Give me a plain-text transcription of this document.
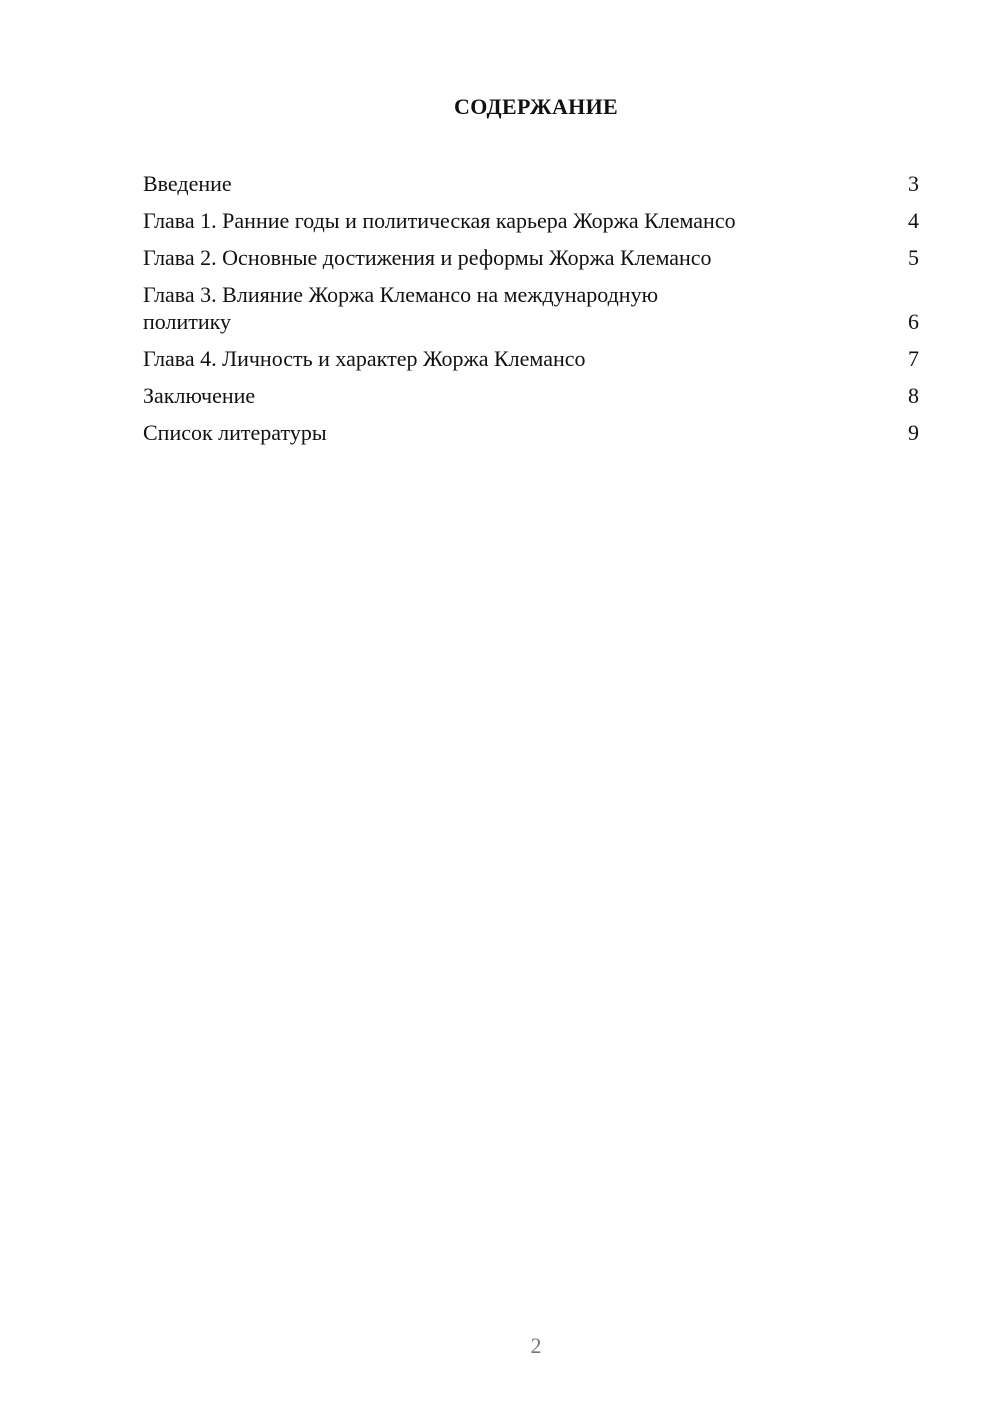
СОДЕРЖАНИЕ
Введение	3
Глава 1. Ранние годы и политическая карьера Жоржа Клемансо	4
Глава 2. Основные достижения и реформы Жоржа Клемансо	5
Глава 3. Влияние Жоржа Клемансо на международную политику	6
Глава 4. Личность и характер Жоржа Клемансо	7
Заключение	8
Список литературы	9
2
